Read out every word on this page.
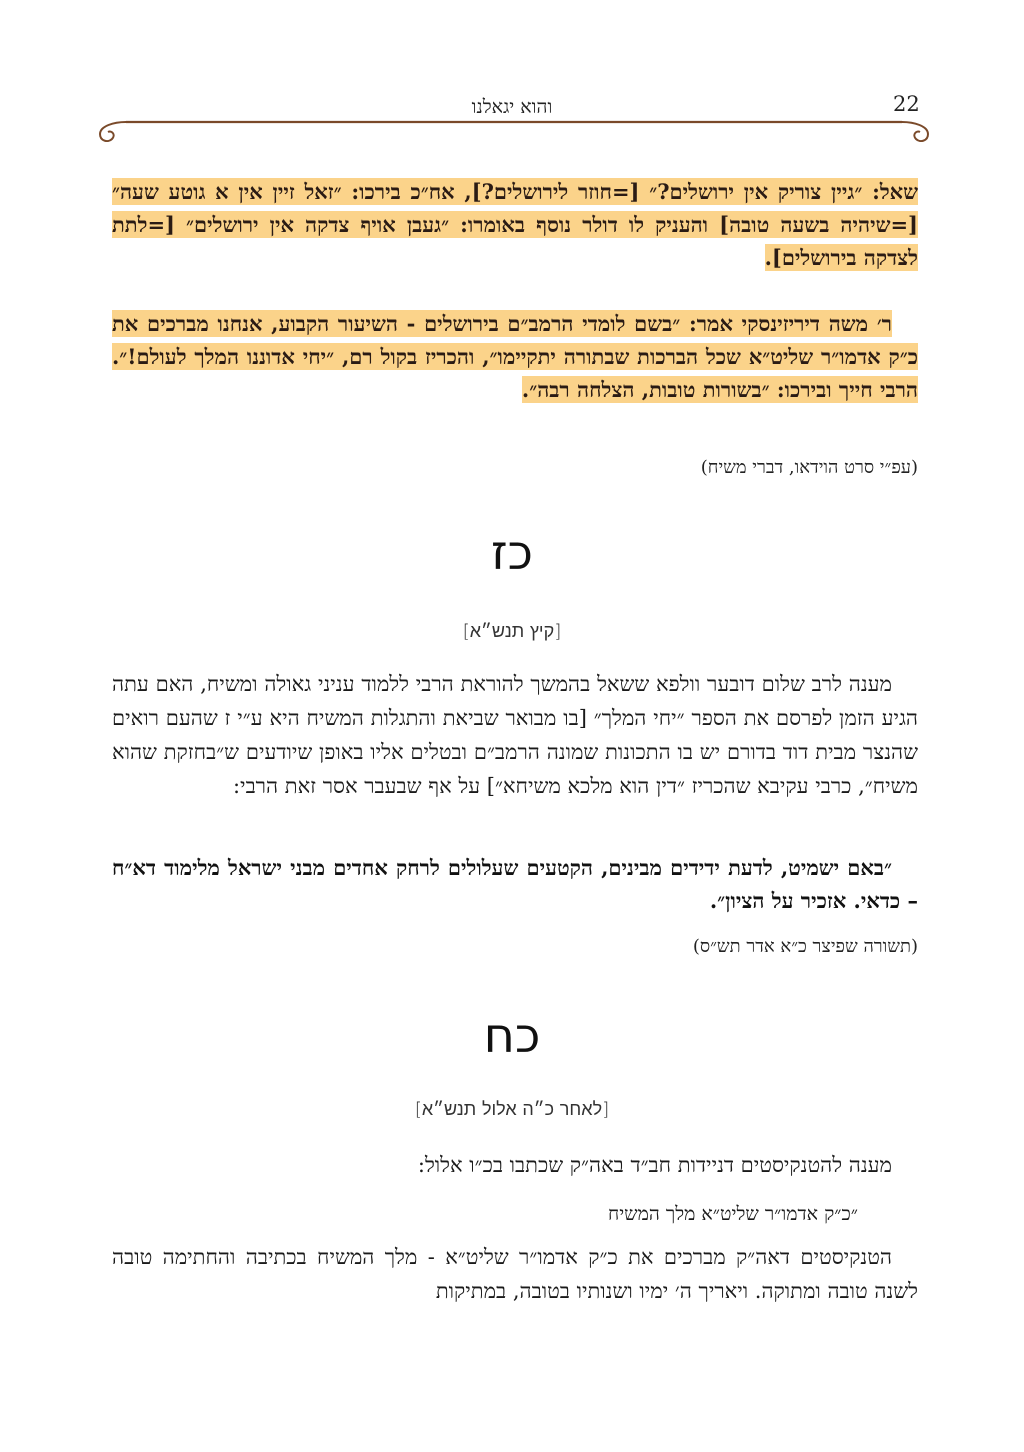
22
והוא יגאלנו
שאל: ״גיין צוריק אין ירושלים?״ [=חוזר לירושלים?], אח״כ בירכו: ״זאל זיין אין א גוטע שעה״ [=שיהיה בשעה טובה] והעניק לו דולר נוסף באומרו: ״געבן אויף צדקה אין ירושלים״ [=לתת לצדקה בירושלים].
ר׳ משה דיריזינסקי אמר: ״בשם לומדי הרמב״ם בירושלים - השיעור הקבוע, אנחנו מברכים את כ״ק אדמו״ר שליט״א שכל הברכות שבתורה יתקיימו״, והכריז בקול רם, ״יחי אדוננו המלך לעולם!״. הרבי חייך ובירכו: ״בשורות טובות, הצלחה רבה״.
(עפ״י סרט הוידאו, דברי משיח)
כז
[קיץ תנש״א]
מענה לרב שלום דובער וולפא ששאל בהמשך להוראת הרבי ללמוד עניני גאולה ומשיח, האם עתה הגיע הזמן לפרסם את הספר ״יחי המלך״ [בו מבואר שביאת והתגלות המשיח היא ע״י ז שהעם רואים שהנצר מבית דוד בדורם יש בו התכונות שמונה הרמב״ם ובטלים אליו באופן שיודעים ש״בחזקת שהוא משיח״, כרבי עקיבא שהכריז ״דין הוא מלכא משיחא״] על אף שבעבר אסר זאת הרבי:
״באם ישמיט, לדעת ידידים מבינים, הקטעים שעלולים לרחק אחדים מבני ישראל מלימוד דא״ח – כדאי. אזכיר על הציון״.
(תשורה שפיצר כ״א אדר תש״ס)
כח
[לאחר כ״ה אלול תנש״א]
מענה להטנקיסטים דניידות חב״ד באה״ק שכתבו בכ״ו אלול:
״כ״ק אדמו״ר שליט״א מלך המשיח
הטנקיסטים דאה״ק מברכים את כ״ק אדמו״ר שליט״א - מלך המשיח בכתיבה והחתימה טובה לשנה טובה ומתוקה. ויאריך ה׳ ימיו ושנותיו בטובה, במתיקות
